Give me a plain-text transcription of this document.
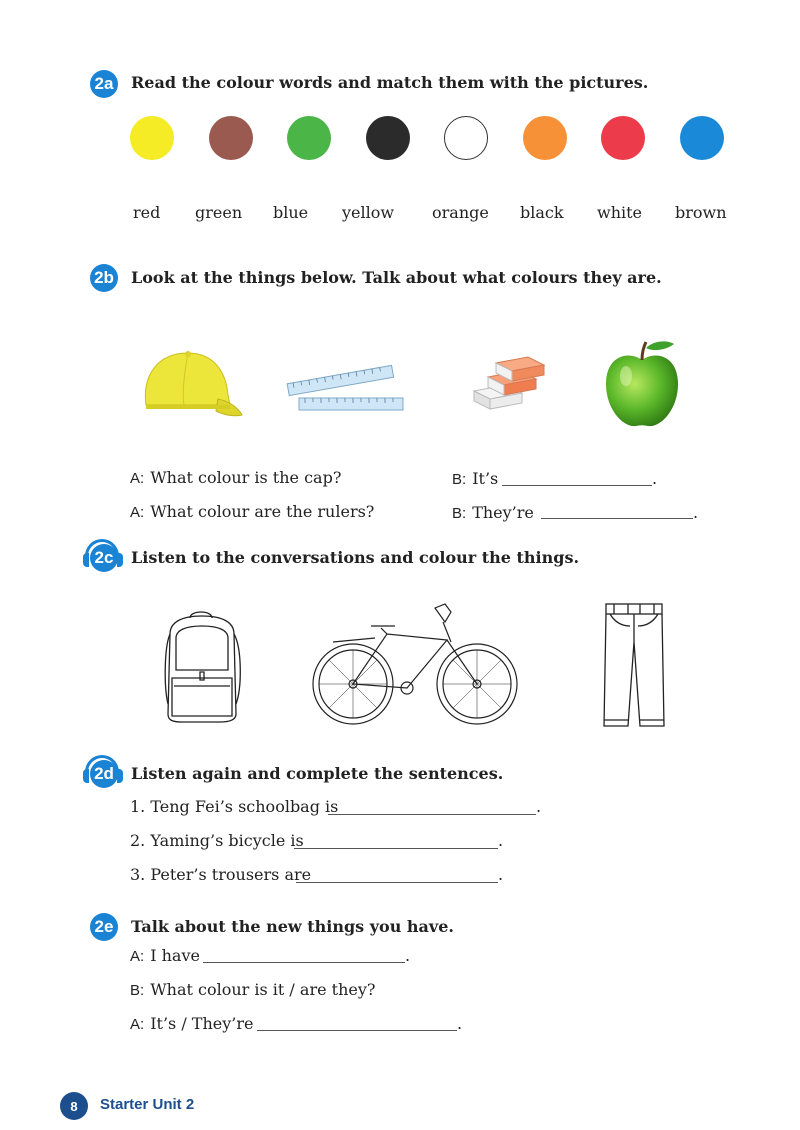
2a Read the colour words and match them with the pictures.
red green blue yellow orange black white brown
2b Look at the things below. Talk about what colours they are.
A: What colour is the cap?
A: What colour are the rulers?
B: It’s	.
B: They’re	.
2c Listen to the conversations and colour the things.
2d Listen again and complete the sentences.
1. Teng Fei’s schoolbag is	.
2. Yaming’s bicycle is	.
3. Peter’s trousers are	.
2e Talk about the new things you have.
A: I have	.
B: What colour is it / are they?
A: It’s / They’re	.
8	Starter Unit 2
